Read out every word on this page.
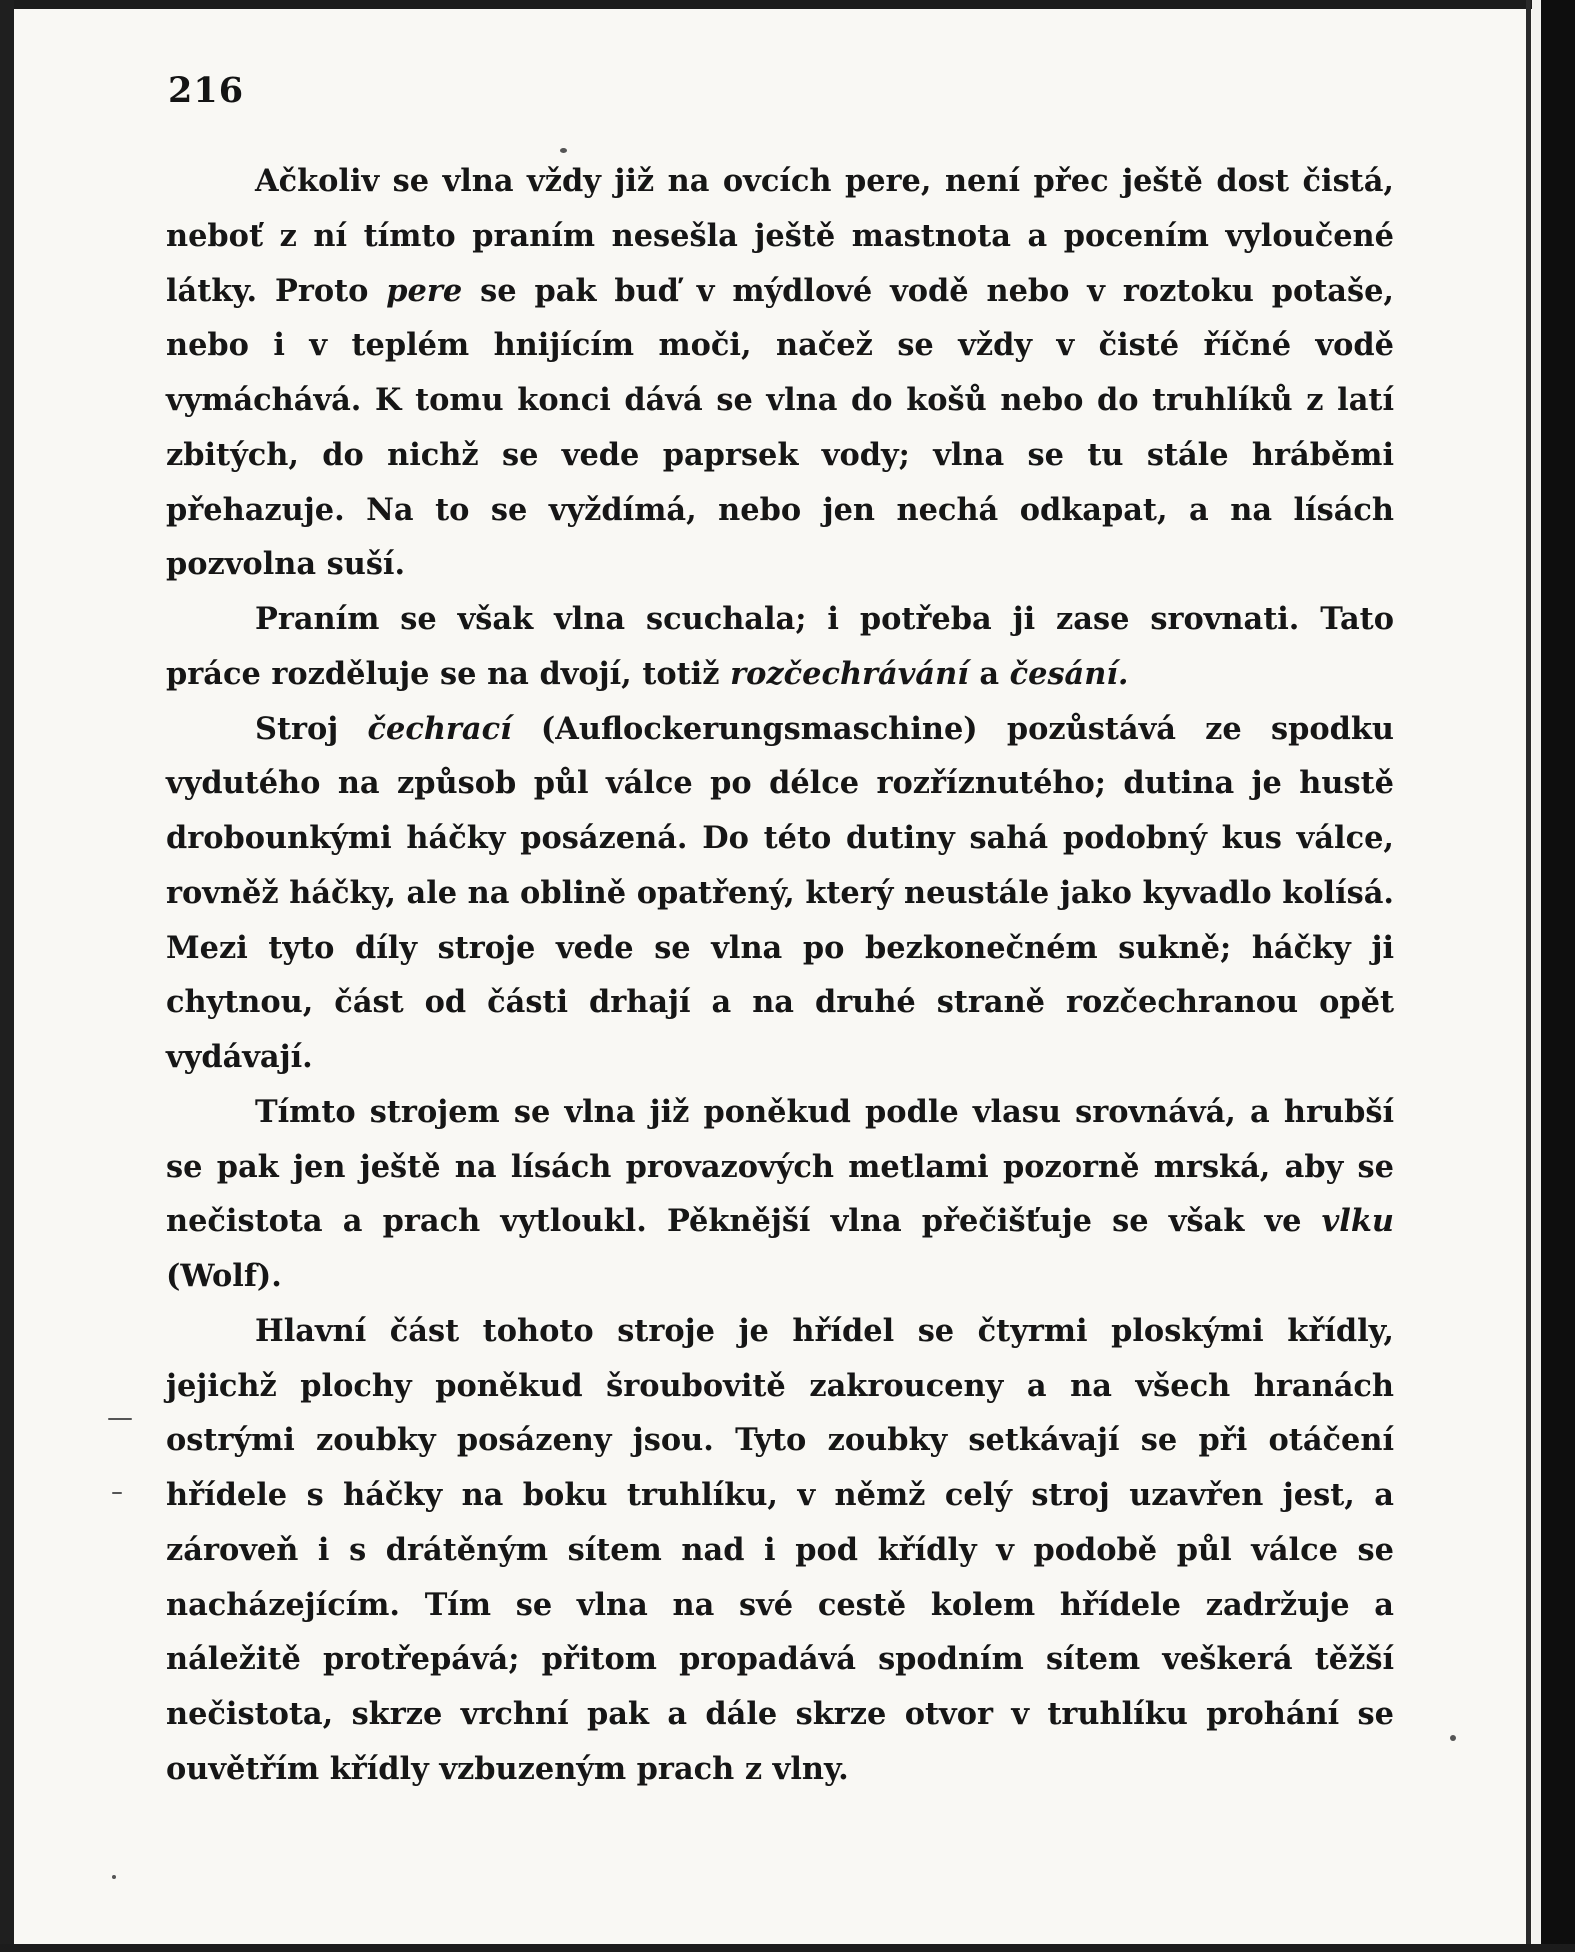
216

Ačkoliv se vlna vždy již na ovcích pere, není přec ještě dost čistá, neboť z ní tímto praním nesešla ještě mastnota a pocením vyloučené látky. Proto pere se pak buď v mýdlové vodě nebo v roztoku potaše, nebo i v teplém hnijícím moči, načež se vždy v čisté říčné vodě vymáchává. K tomu konci dává se vlna do košů nebo do truhlíků z latí zbitých, do nichž se vede paprsek vody; vlna se tu stále hráběmi přehazuje. Na to se vyždímá, nebo jen nechá odkapat, a na lísách pozvolna suší.

Praním se však vlna scuchala; i potřeba ji zase srovnati. Tato práce rozděluje se na dvojí, totiž rozčechrávání a česání.

Stroj čechrací (Auflockerungsmaschine) pozůstává ze spodku vydutého na způsob půl válce po délce rozříznutého; dutina je hustě drobounkými háčky posázená. Do této dutiny sahá podobný kus válce, rovněž háčky, ale na oblině opatřený, který neustále jako kyvadlo kolísá. Mezi tyto díly stroje vede se vlna po bezkonečném sukně; háčky ji chytnou, část od části drhají a na druhé straně rozčechranou opět vydávají.

Tímto strojem se vlna již poněkud podle vlasu srovnává, a hrubší se pak jen ještě na lísách provazových metlami pozorně mrská, aby se nečistota a prach vytloukl. Pěknější vlna přečišťuje se však ve vlku (Wolf).

Hlavní část tohoto stroje je hřídel se čtyrmi ploskými křídly, jejichž plochy poněkud šroubovitě zakrouceny a na všech hranách ostrými zoubky posázeny jsou. Tyto zoubky setkávají se při otáčení hřídele s háčky na boku truhlíku, v němž celý stroj uzavřen jest, a zároveň i s drátěným sítem nad i pod křídly v podobě půl válce se nacházejícím. Tím se vlna na své cestě kolem hřídele zadržuje a náležitě protřepává; přitom propadává spodním sítem veškerá těžší nečistota, skrze vrchní pak a dále skrze otvor v truhlíku prohání se ouvětřím křídly vzbuzeným prach z vlny.
